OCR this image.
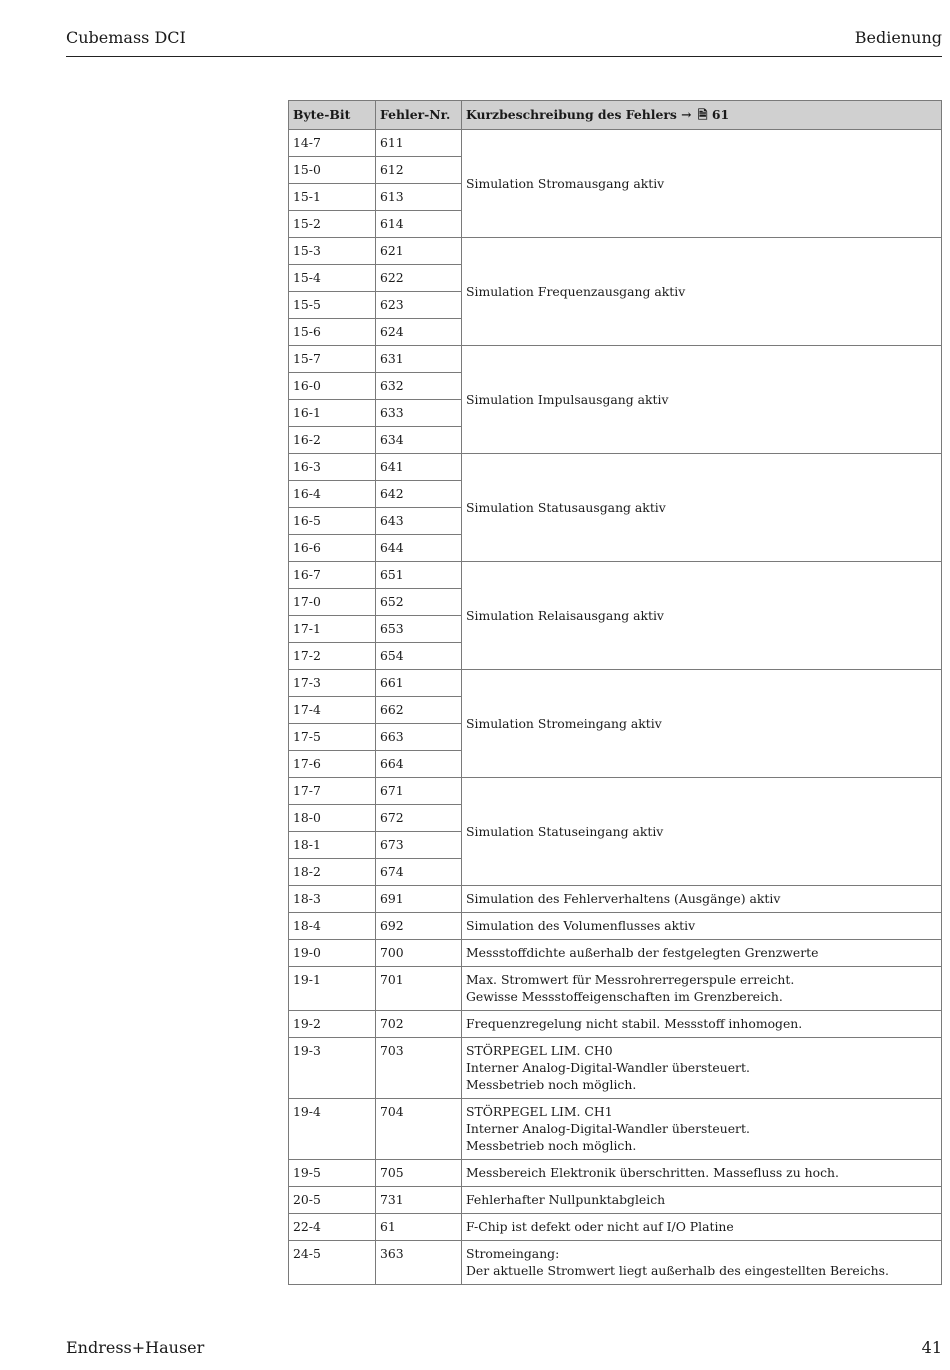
Cubemass DCI	Bedienung
Byte-Bit	Fehler-Nr.	Kurzbeschreibung des Fehlers → 🗎 61
14-7	611	Simulation Stromausgang aktiv

15-0	612	
15-1	613	
15-2	614	
15-3	621	Simulation Frequenzausgang aktiv

15-4	622	
15-5	623	
15-6	624	
15-7	631	Simulation Impulsausgang aktiv

16-0	632	
16-1	633	
16-2	634	
16-3	641	Simulation Statusausgang aktiv

16-4	642	
16-5	643	
16-6	644	
16-7	651	Simulation Relaisausgang aktiv

17-0	652	
17-1	653	
17-2	654	
17-3	661	Simulation Stromeingang aktiv

17-4	662	
17-5	663	
17-6	664	
17-7	671	Simulation Statuseingang aktiv

18-0	672	
18-1	673	
18-2	674	
18-3	691	Simulation des Fehlerverhaltens (Ausgänge) aktiv

18-4	692	Simulation des Volumenflusses aktiv

19-0	700	Messstoffdichte außerhalb der festgelegten Grenzwerte

19-1	701	Max. Stromwert für Messrohrerregerspule erreicht.
Gewisse Messstoffeigenschaften im Grenzbereich.

19-2	702	Frequenzregelung nicht stabil. Messstoff inhomogen.

19-3	703	STÖRPEGEL LIM. CH0
Interner Analog-Digital-Wandler übersteuert.
Messbetrieb noch möglich.

19-4	704	STÖRPEGEL LIM. CH1
Interner Analog-Digital-Wandler übersteuert.
Messbetrieb noch möglich.

19-5	705	Messbereich Elektronik überschritten. Massefluss zu hoch.

20-5	731	Fehlerhafter Nullpunktabgleich

22-4	61	F-Chip ist defekt oder nicht auf I/O Platine

24-5	363	Stromeingang:
Der aktuelle Stromwert liegt außerhalb des eingestellten Bereichs.
Endress+Hauser	41
